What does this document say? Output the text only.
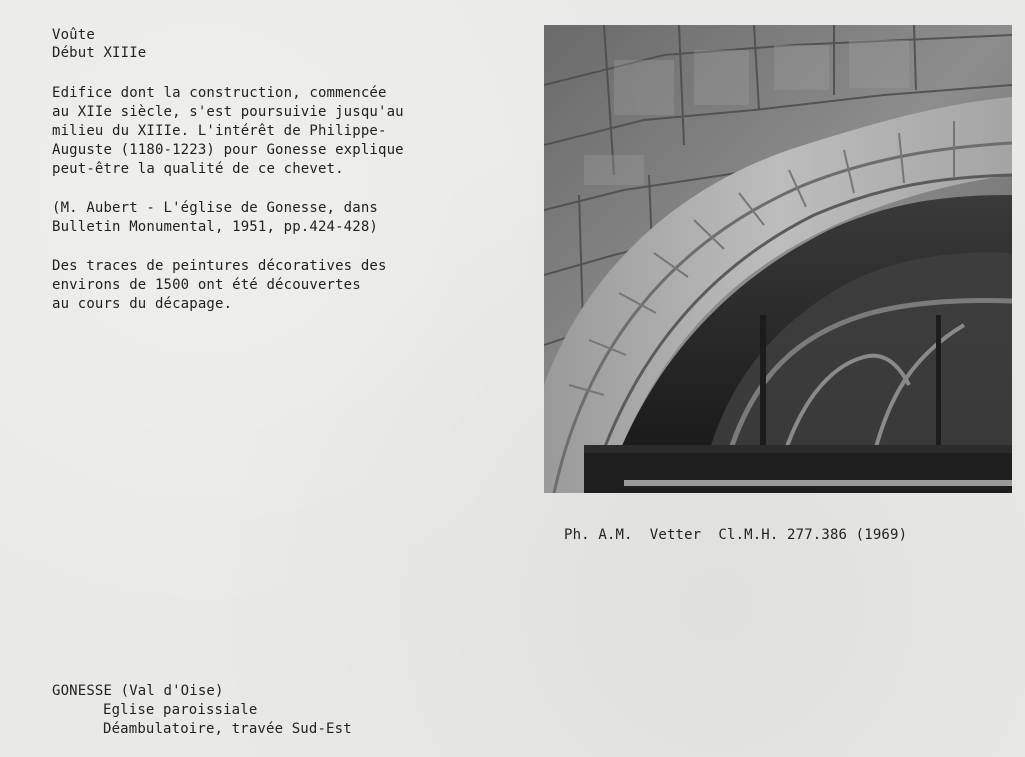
Voûte
Début XIIIe
Edifice dont la construction, commencée
au XIIe siècle, s'est poursuivie jusqu'au
milieu du XIIIe. L'intérêt de Philippe-
Auguste (1180-1223) pour Gonesse explique
peut-être la qualité de ce chevet.
(M. Aubert - L'église de Gonesse, dans
Bulletin Monumental, 1951, pp.424-428)
Des traces de peintures décoratives des
environs de 1500 ont été découvertes
au cours du décapage.
Ph. A.M.  Vetter  Cl.M.H. 277.386 (1969)
GONESSE (Val d'Oise)
Eglise paroissiale
Déambulatoire, travée Sud-Est
